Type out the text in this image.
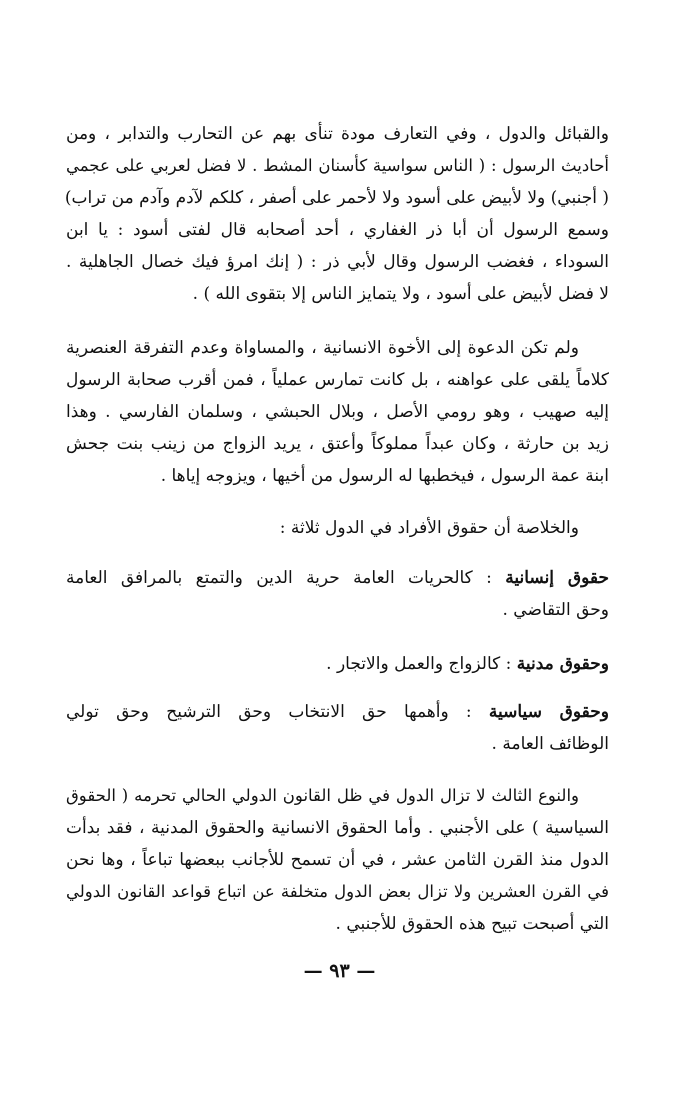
والقبائل والدول ، وفي التعارف مودة تنأى بهم عن التحارب والتدابر ، ومن
أحاديث الرسول : ( الناس سواسية كأسنان المشط . لا فضل لعربي على عجمي
( أجنبي) ولا لأبيض على أسود ولا لأحمر على أصفر ، كلكم لآدم وآدم من تراب)
وسمع الرسول أن أبا ذر الغفاري ، أحد أصحابه قال لفتى أسود : يا ابن
السوداء ، فغضب الرسول وقال لأبي ذر : ( إنك امرؤ فيك خصال الجاهلية .
لا فضل لأبيض على أسود ، ولا يتمايز الناس إلا بتقوى الله ) .
ولم تكن الدعوة إلى الأخوة الانسانية ، والمساواة وعدم التفرقة العنصرية
كلاماً يلقى على عواهنه ، بل كانت تمارس عملياً ، فمن أقرب صحابة الرسول
إليه صهيب ، وهو رومي الأصل ، وبلال الحبشي ، وسلمان الفارسي . وهذا
زيد بن حارثة ، وكان عبداً مملوكاً وأعتق ، يريد الزواج من زينب بنت جحش
ابنة عمة الرسول ، فيخطبها له الرسول من أخيها ، ويزوجه إياها .
والخلاصة أن حقوق الأفراد في الدول ثلاثة :
حقوق إنسانية : كالحريات العامة حرية الدين والتمتع بالمرافق العامة
وحق التقاضي .
وحقوق مدنية : كالزواج والعمل والاتجار .
وحقوق سياسية : وأهمها حق الانتخاب وحق الترشيح وحق تولي
الوظائف العامة .
والنوع الثالث لا تزال الدول في ظل القانون الدولي الحالي تحرمه ( الحقوق
السياسية ) على الأجنبي . وأما الحقوق الانسانية والحقوق المدنية ، فقد بدأت
الدول منذ القرن الثامن عشر ، في أن تسمح للأجانب ببعضها تباعاً ، وها نحن
في القرن العشرين ولا تزال بعض الدول متخلفة عن اتباع قواعد القانون الدولي
التي أصبحت تبيح هذه الحقوق للأجنبي .
— ٩٣ —
